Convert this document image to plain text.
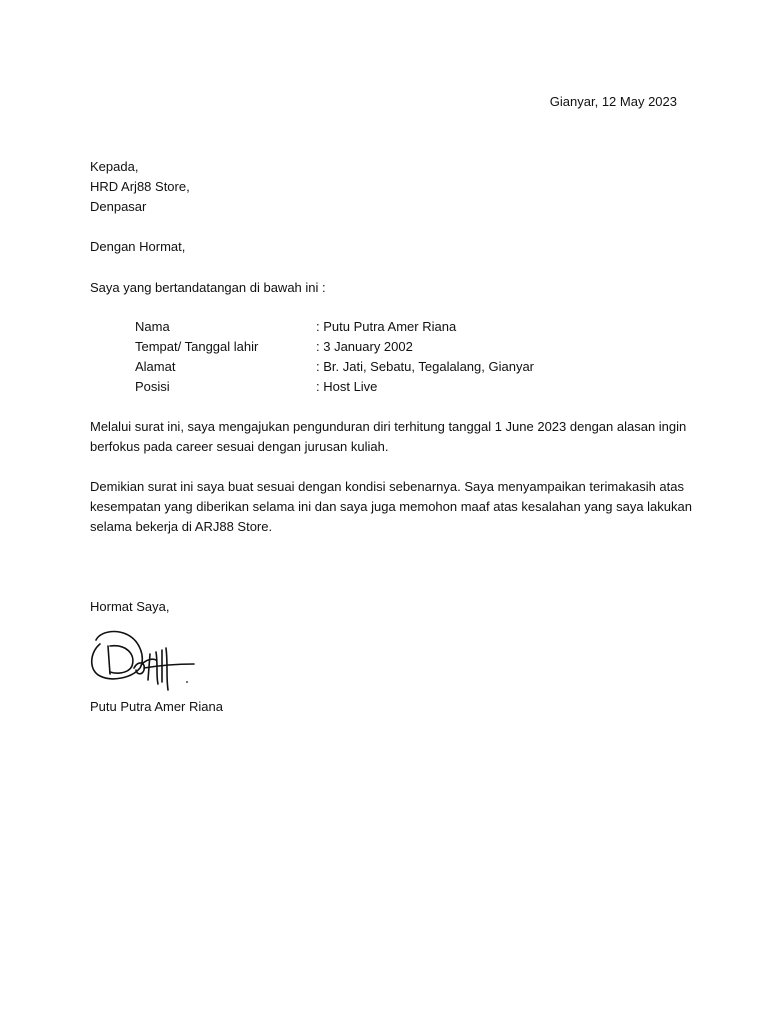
Gianyar, 12 May 2023
Kepada,
HRD Arj88 Store,
Denpasar
Dengan Hormat,
Saya yang bertandatangan di bawah ini :
Nama	: Putu Putra Amer Riana
Tempat/ Tanggal lahir	: 3 January 2002
Alamat	: Br. Jati, Sebatu, Tegalalang, Gianyar
Posisi	: Host Live
Melalui surat ini, saya mengajukan pengunduran diri terhitung tanggal 1 June 2023 dengan alasan ingin
berfokus pada career sesuai dengan jurusan kuliah.
Demikian surat ini saya buat sesuai dengan kondisi sebenarnya. Saya menyampaikan terimakasih atas
kesempatan yang diberikan selama ini dan saya juga memohon maaf atas kesalahan yang saya lakukan
selama bekerja di ARJ88 Store.
Hormat Saya,
Putu Putra Amer Riana
